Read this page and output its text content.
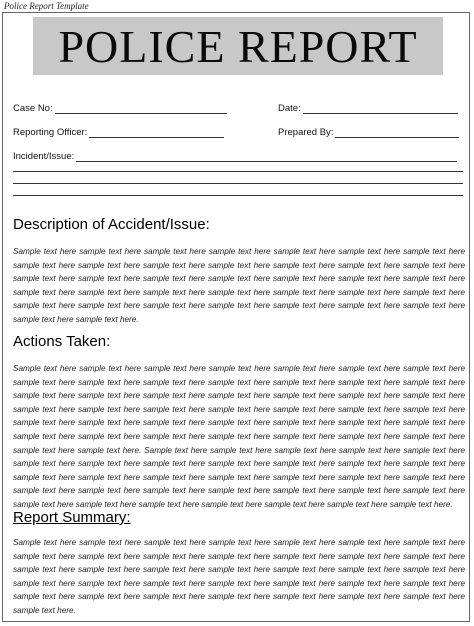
Police Report Template
POLICE REPORT
Case No:	Date:
Reporting Officer:	Prepared By:
Incident/Issue:
Description of Accident/Issue:

Sample text here sample text here sample text here sample text here sample text here sample text here sample text here sample text here sample text here sample text here sample text here sample text here sample text here sample text here sample text here sample text here sample text here sample text here sample text here sample text here sample text here sample text here sample text here sample text here sample text here sample text here sample text here sample text here sample text here sample text here sample text here sample text here sample text here sample text here sample text here sample text here sample text here.

Actions Taken:

Sample text here sample text here sample text here sample text here sample text here sample text here sample text here sample text here sample text here sample text here sample text here sample text here sample text here sample text here sample text here sample text here sample text here sample text here sample text here sample text here sample text here sample text here sample text here sample text here sample text here sample text here sample text here sample text here sample text here sample text here sample text here sample text here sample text here sample text here sample text here sample text here sample text here sample text here sample text here sample text here sample text here sample text here sample text here sample text here. Sample text here sample text here sample text here sample text here sample text here sample text here sample text here sample text here sample text here sample text here sample text here sample text here sample text here sample text here sample text here sample text here sample text here sample text here sample text here sample text here sample text here sample text here sample text here sample text here sample text here sample text here sample text here sample text here sample text here sample text here sample text here sample text here sample text here.

Report Summary:

Sample text here sample text here sample text here sample text here sample text here sample text here sample text here sample text here sample text here sample text here sample text here sample text here sample text here sample text here sample text here sample text here sample text here sample text here sample text here sample text here sample text here sample text here sample text here sample text here sample text here sample text here sample text here sample text here sample text here sample text here sample text here sample text here sample text here sample text here sample text here sample text here.
